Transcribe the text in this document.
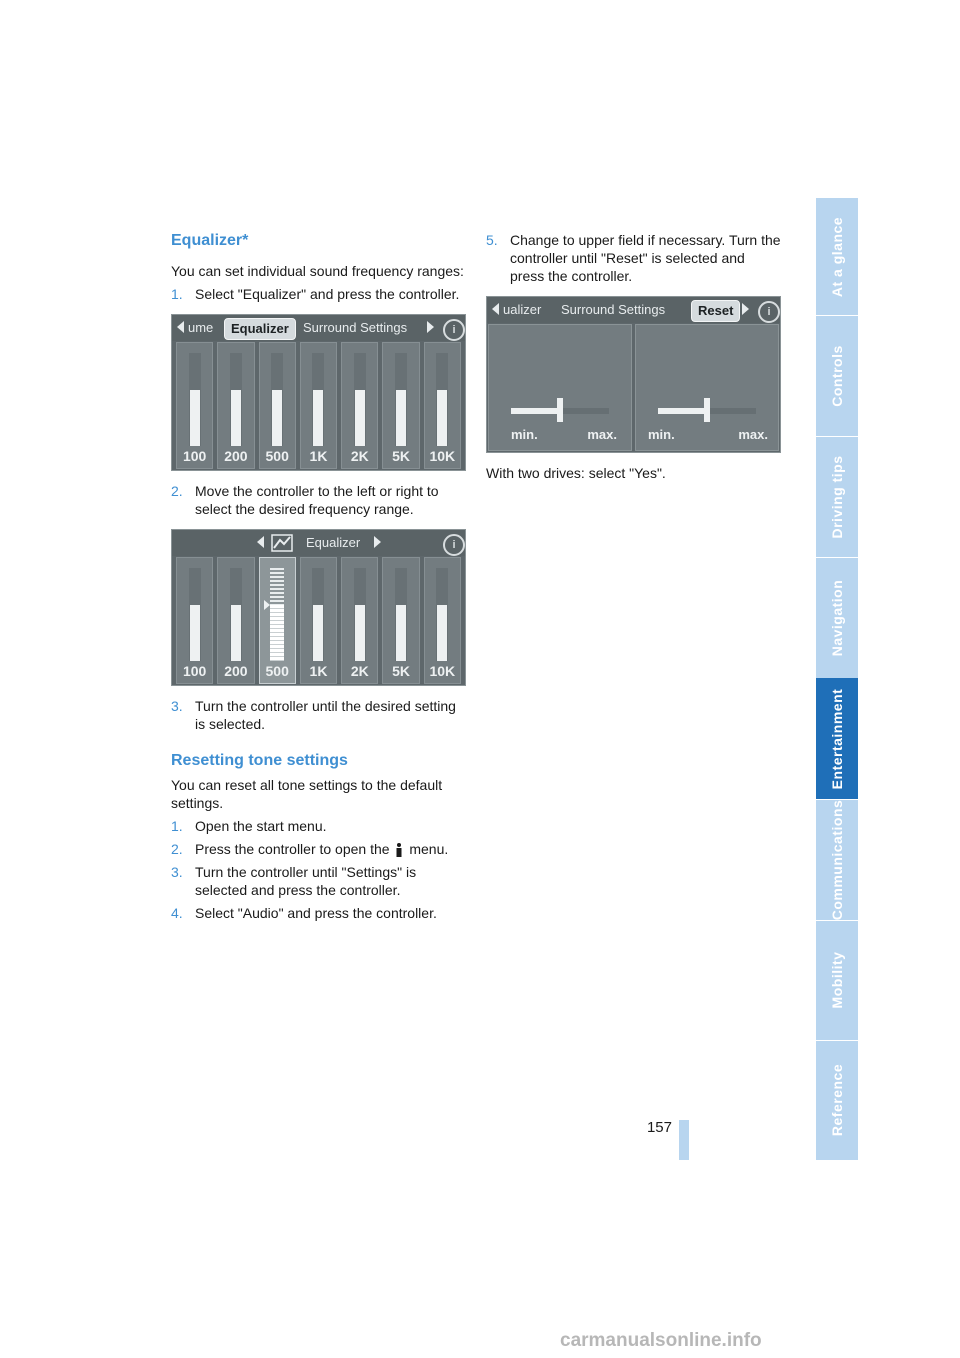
Equalizer*

You can set individual sound frequency ranges:

1. Select "Equalizer" and press the controller.
ume	Equalizer	Surround Settings	i
100	200	500	1K	2K	5K	10K
2. Move the controller to the left or right to select the desired frequency range.
Equalizer	i
100	200	500	1K	2K	5K	10K
3. Turn the controller until the desired setting is selected.
Resetting tone settings

You can reset all tone settings to the default settings.

1. Open the start menu.
2. Press the controller to open the menu.
3. Turn the controller until "Settings" is selected and press the controller.
4. Select "Audio" and press the controller.
5. Change to upper field if necessary. Turn the controller until "Reset" is selected and press the controller.
ualizer Surround Settings	Reset	i
min.	max. min.	max.

With two drives: select "Yes".

At a glance
Controls
Driving tips
Navigation
Entertainment
Communications
Mobility
Reference
157
carmanualsonline.info
